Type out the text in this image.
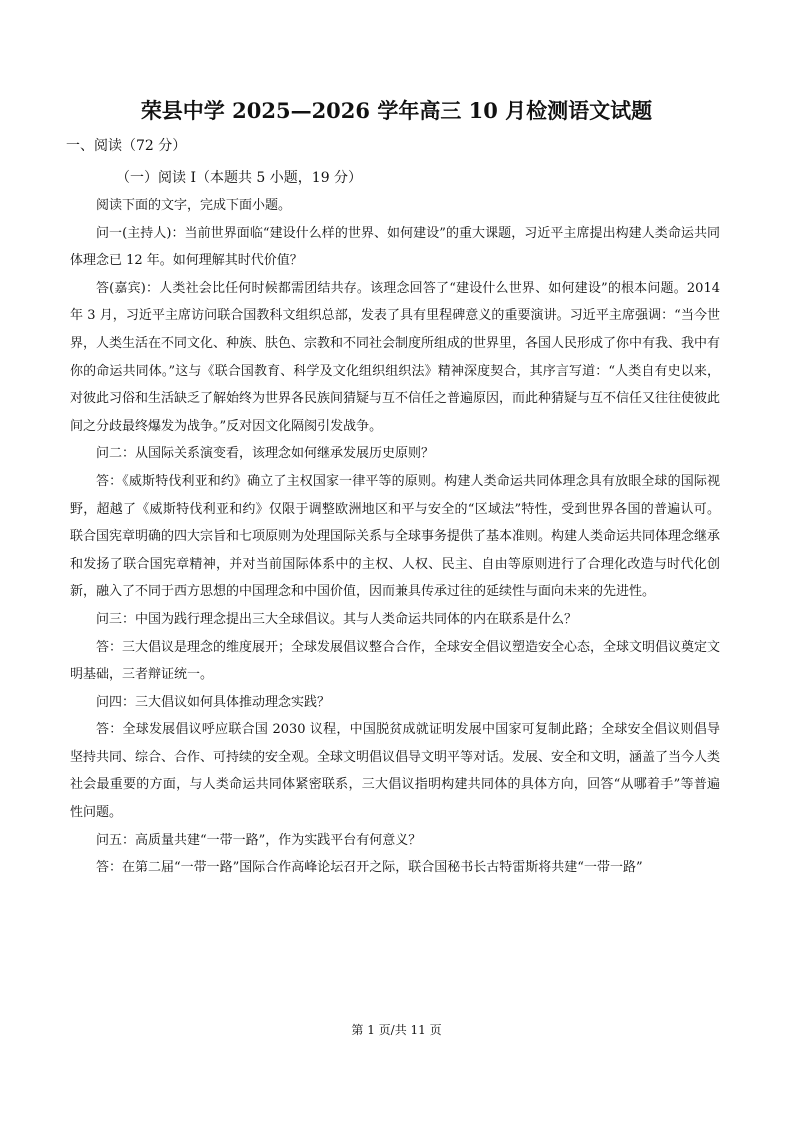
荣县中学 2025—2026 学年高三 10 月检测语文试题
一、阅读（72 分）
（一）阅读 I（本题共 5 小题，19 分）

阅读下面的文字，完成下面小题。

问一(主持人)：当前世界面临“建设什么样的世界、如何建设”的重大课题，习近平主席提出构建人类命运共同体理念已 12 年。如何理解其时代价值？

答(嘉宾)：人类社会比任何时候都需团结共存。该理念回答了“建设什么世界、如何建设”的根本问题。2014 年 3 月，习近平主席访问联合国教科文组织总部，发表了具有里程碑意义的重要演讲。习近平主席强调：“当今世界，人类生活在不同文化、种族、肤色、宗教和不同社会制度所组成的世界里，各国人民形成了你中有我、我中有你的命运共同体。”这与《联合国教育、科学及文化组织组织法》精神深度契合，其序言写道：“人类自有史以来，对彼此习俗和生活缺乏了解始终为世界各民族间猜疑与互不信任之普遍原因，而此种猜疑与互不信任又往往使彼此间之分歧最终爆发为战争。”反对因文化隔阂引发战争。

问二：从国际关系演变看，该理念如何继承发展历史原则？

答：《威斯特伐利亚和约》确立了主权国家一律平等的原则。构建人类命运共同体理念具有放眼全球的国际视野，超越了《威斯特伐利亚和约》仅限于调整欧洲地区和平与安全的“区域法”特性，受到世界各国的普遍认可。联合国宪章明确的四大宗旨和七项原则为处理国际关系与全球事务提供了基本准则。构建人类命运共同体理念继承和发扬了联合国宪章精神，并对当前国际体系中的主权、人权、民主、自由等原则进行了合理化改造与时代化创新，融入了不同于西方思想的中国理念和中国价值，因而兼具传承过往的延续性与面向未来的先进性。

问三：中国为践行理念提出三大全球倡议。其与人类命运共同体的内在联系是什么？

答：三大倡议是理念的维度展开；全球发展倡议整合合作，全球安全倡议塑造安全心态，全球文明倡议奠定文明基础，三者辩证统一。

问四：三大倡议如何具体推动理念实践？

答：全球发展倡议呼应联合国 2030 议程，中国脱贫成就证明发展中国家可复制此路；全球安全倡议则倡导坚持共同、综合、合作、可持续的安全观。全球文明倡议倡导文明平等对话。发展、安全和文明，涵盖了当今人类社会最重要的方面，与人类命运共同体紧密联系，三大倡议指明构建共同体的具体方向，回答“从哪着手”等普遍性问题。

问五：高质量共建“一带一路”，作为实践平台有何意义？

答：在第二届“一带一路”国际合作高峰论坛召开之际，联合国秘书长古特雷斯将共建“一带一路”

第 1 页/共 11 页
